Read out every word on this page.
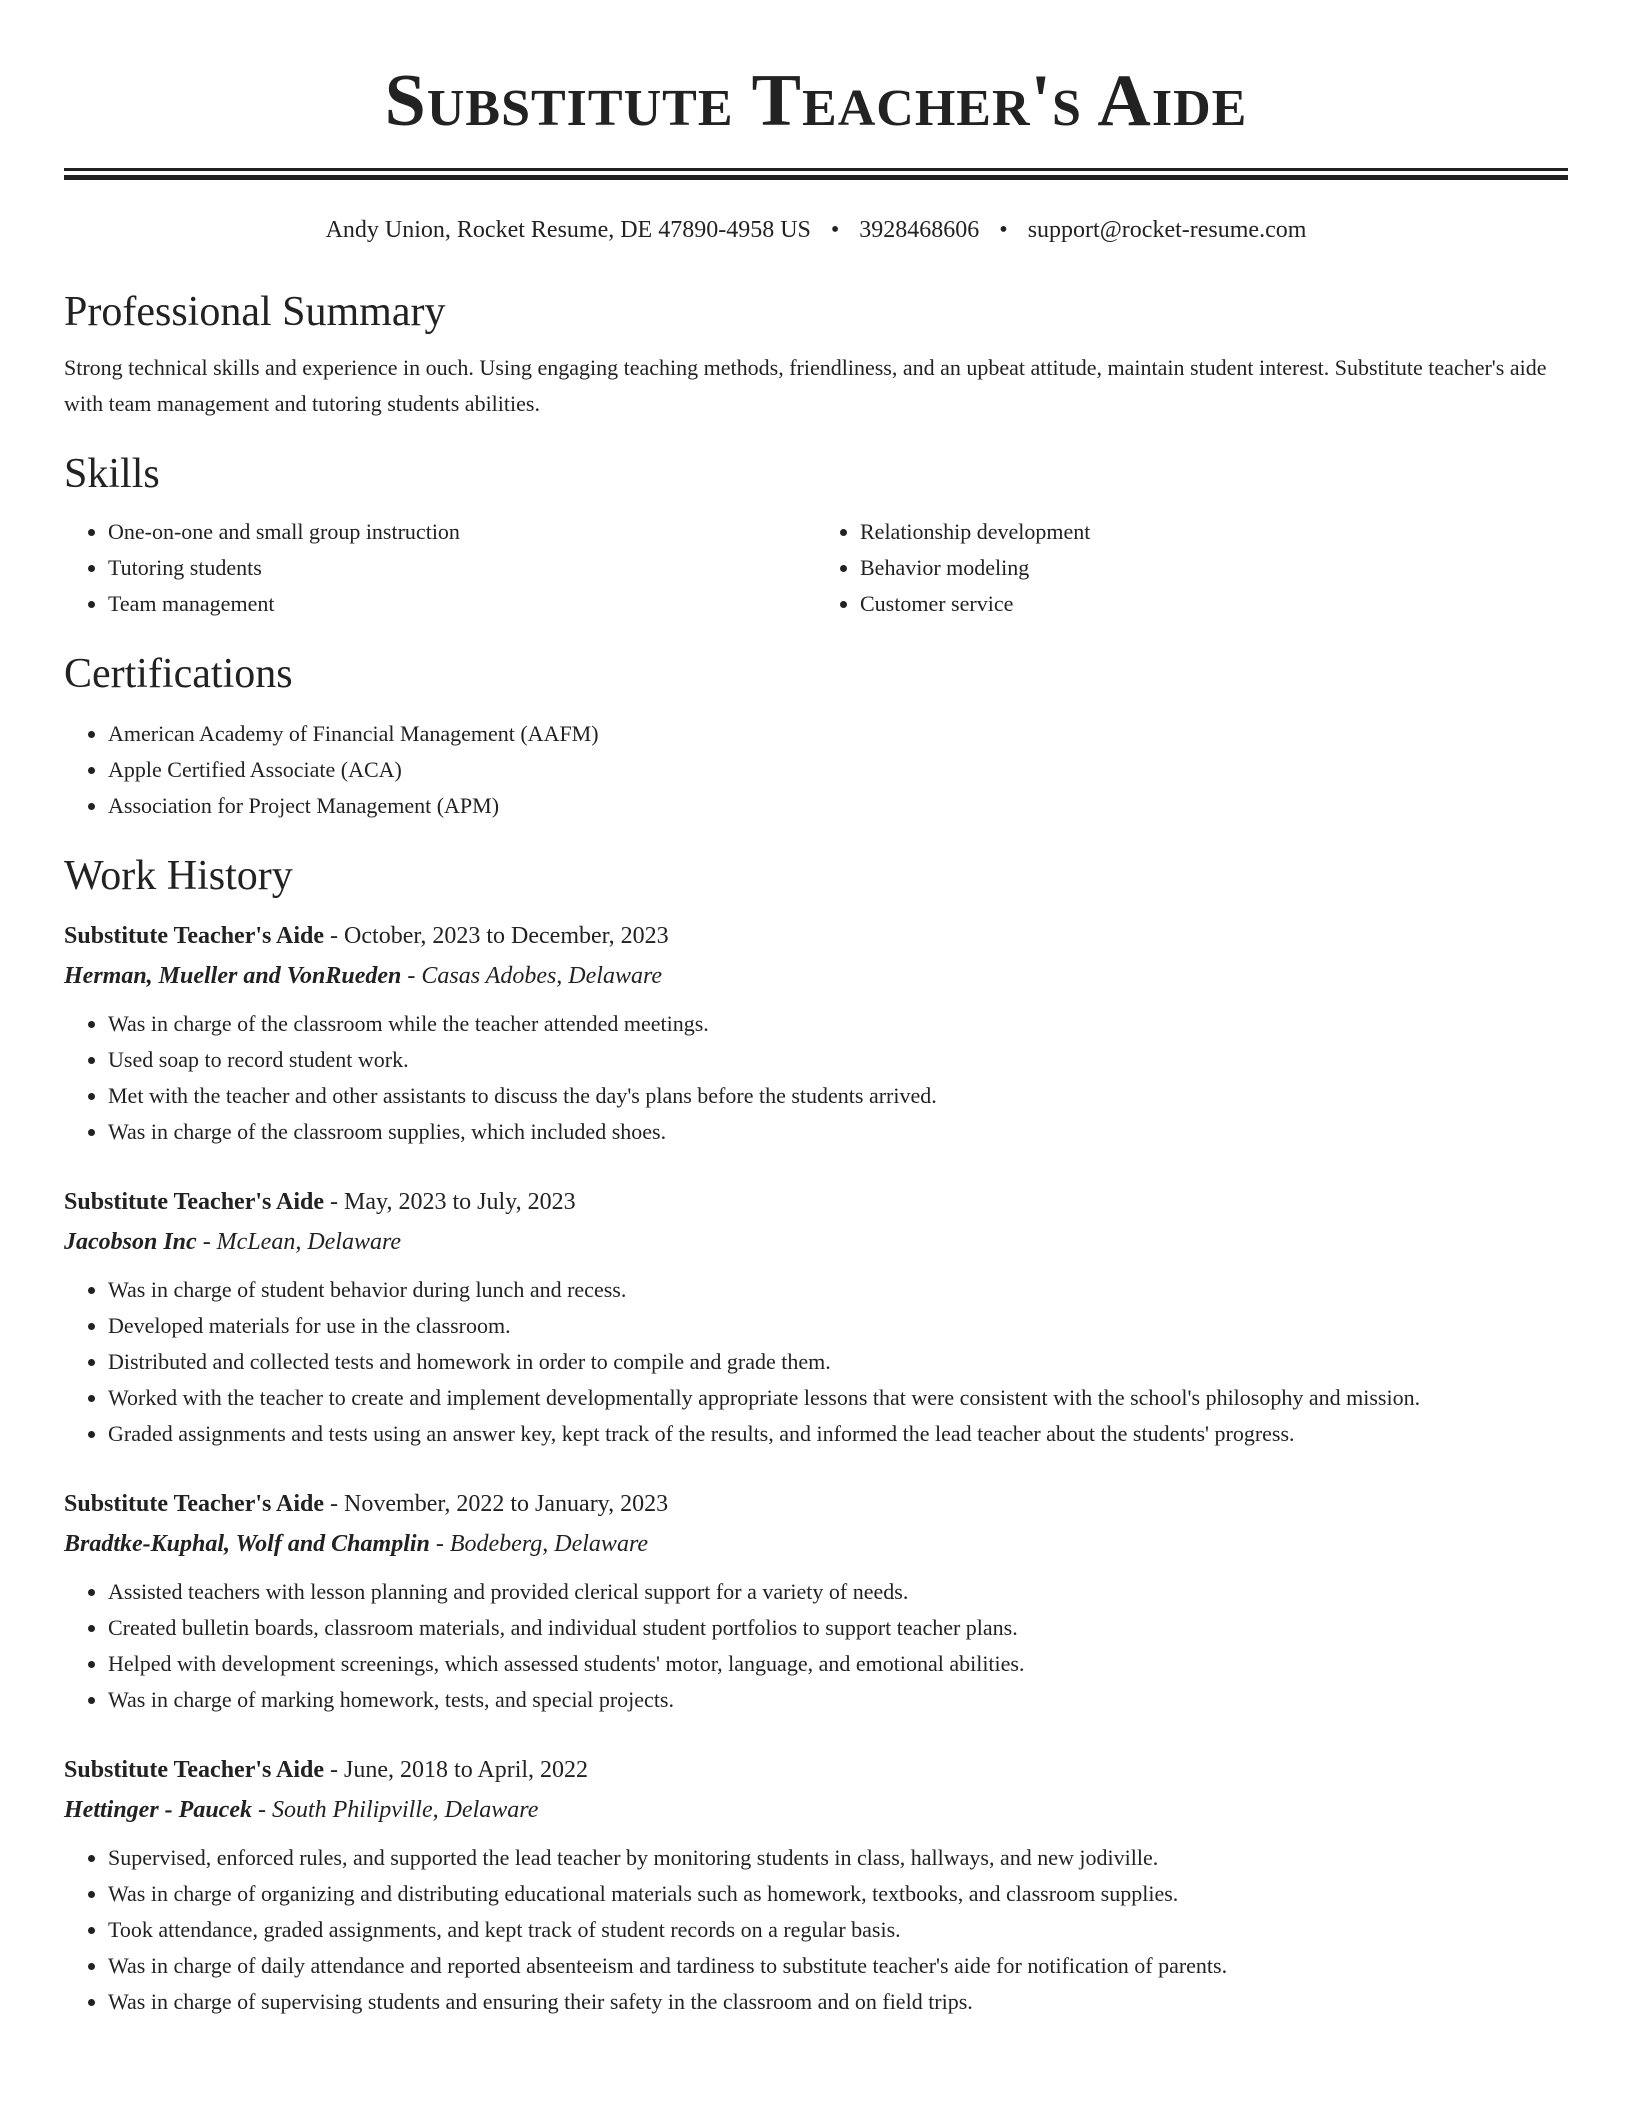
Substitute Teacher's Aide
Andy Union, Rocket Resume, DE 47890-4958 US • 3928468606 • support@rocket-resume.com
Professional Summary

Strong technical skills and experience in ouch. Using engaging teaching methods, friendliness, and an upbeat attitude, maintain student interest. Substitute teacher's aide with team management and tutoring students abilities.

Skills
• One-on-one and small group instruction
• Tutoring students
• Team management
• Relationship development
• Behavior modeling
• Customer service
Certifications
• American Academy of Financial Management (AAFM)
• Apple Certified Associate (ACA)
• Association for Project Management (APM)
Work History
Substitute Teacher's Aide - October, 2023 to December, 2023
Herman, Mueller and VonRueden - Casas Adobes, Delaware
• Was in charge of the classroom while the teacher attended meetings.
• Used soap to record student work.
• Met with the teacher and other assistants to discuss the day's plans before the students arrived.
• Was in charge of the classroom supplies, which included shoes.
Substitute Teacher's Aide - May, 2023 to July, 2023
Jacobson Inc - McLean, Delaware
• Was in charge of student behavior during lunch and recess.
• Developed materials for use in the classroom.
• Distributed and collected tests and homework in order to compile and grade them.
• Worked with the teacher to create and implement developmentally appropriate lessons that were consistent with the school's philosophy and mission.
• Graded assignments and tests using an answer key, kept track of the results, and informed the lead teacher about the students' progress.
Substitute Teacher's Aide - November, 2022 to January, 2023
Bradtke-Kuphal, Wolf and Champlin - Bodeberg, Delaware
• Assisted teachers with lesson planning and provided clerical support for a variety of needs.
• Created bulletin boards, classroom materials, and individual student portfolios to support teacher plans.
• Helped with development screenings, which assessed students' motor, language, and emotional abilities.
• Was in charge of marking homework, tests, and special projects.
Substitute Teacher's Aide - June, 2018 to April, 2022
Hettinger - Paucek - South Philipville, Delaware
• Supervised, enforced rules, and supported the lead teacher by monitoring students in class, hallways, and new jodiville.
• Was in charge of organizing and distributing educational materials such as homework, textbooks, and classroom supplies.
• Took attendance, graded assignments, and kept track of student records on a regular basis.
• Was in charge of daily attendance and reported absenteeism and tardiness to substitute teacher's aide for notification of parents.
• Was in charge of supervising students and ensuring their safety in the classroom and on field trips.
